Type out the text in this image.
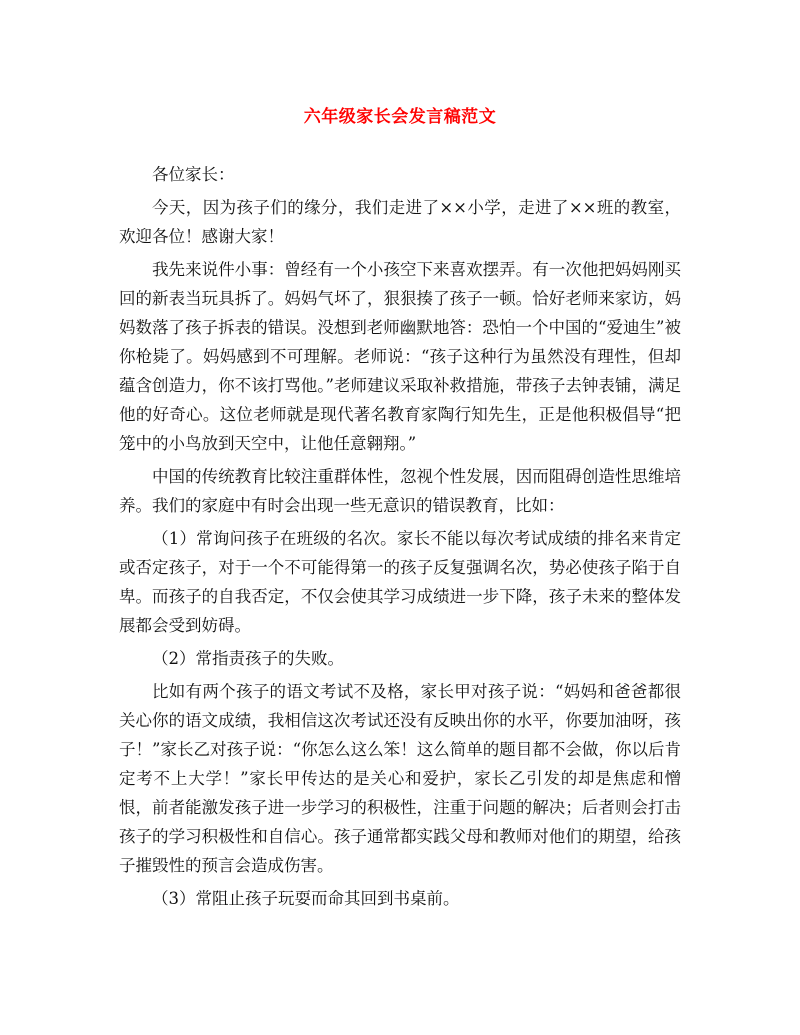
六年级家长会发言稿范文

各位家长：

今天，因为孩子们的缘分，我们走进了××小学，走进了××班的教室，欢迎各位！感谢大家！

我先来说件小事：曾经有一个小孩空下来喜欢摆弄。有一次他把妈妈刚买回的新表当玩具拆了。妈妈气坏了，狠狠揍了孩子一顿。恰好老师来家访，妈妈数落了孩子拆表的错误。没想到老师幽默地答：恐怕一个中国的“爱迪生”被你枪毙了。妈妈感到不可理解。老师说：“孩子这种行为虽然没有理性，但却蕴含创造力，你不该打骂他。”老师建议采取补救措施，带孩子去钟表铺，满足他的好奇心。这位老师就是现代著名教育家陶行知先生，正是他积极倡导“把笼中的小鸟放到天空中，让他任意翱翔。”

中国的传统教育比较注重群体性，忽视个性发展，因而阻碍创造性思维培养。我们的家庭中有时会出现一些无意识的错误教育，比如：

（1）常询问孩子在班级的名次。家长不能以每次考试成绩的排名来肯定或否定孩子，对于一个不可能得第一的孩子反复强调名次，势必使孩子陷于自卑。而孩子的自我否定，不仅会使其学习成绩进一步下降，孩子未来的整体发展都会受到妨碍。

（2）常指责孩子的失败。

比如有两个孩子的语文考试不及格，家长甲对孩子说：“妈妈和爸爸都很关心你的语文成绩，我相信这次考试还没有反映出你的水平，你要加油呀，孩子！”家长乙对孩子说：“你怎么这么笨！这么简单的题目都不会做，你以后肯定考不上大学！”家长甲传达的是关心和爱护，家长乙引发的却是焦虑和憎恨，前者能激发孩子进一步学习的积极性，注重于问题的解决；后者则会打击孩子的学习积极性和自信心。孩子通常都实践父母和教师对他们的期望，给孩子摧毁性的预言会造成伤害。

（3）常阻止孩子玩耍而命其回到书桌前。
